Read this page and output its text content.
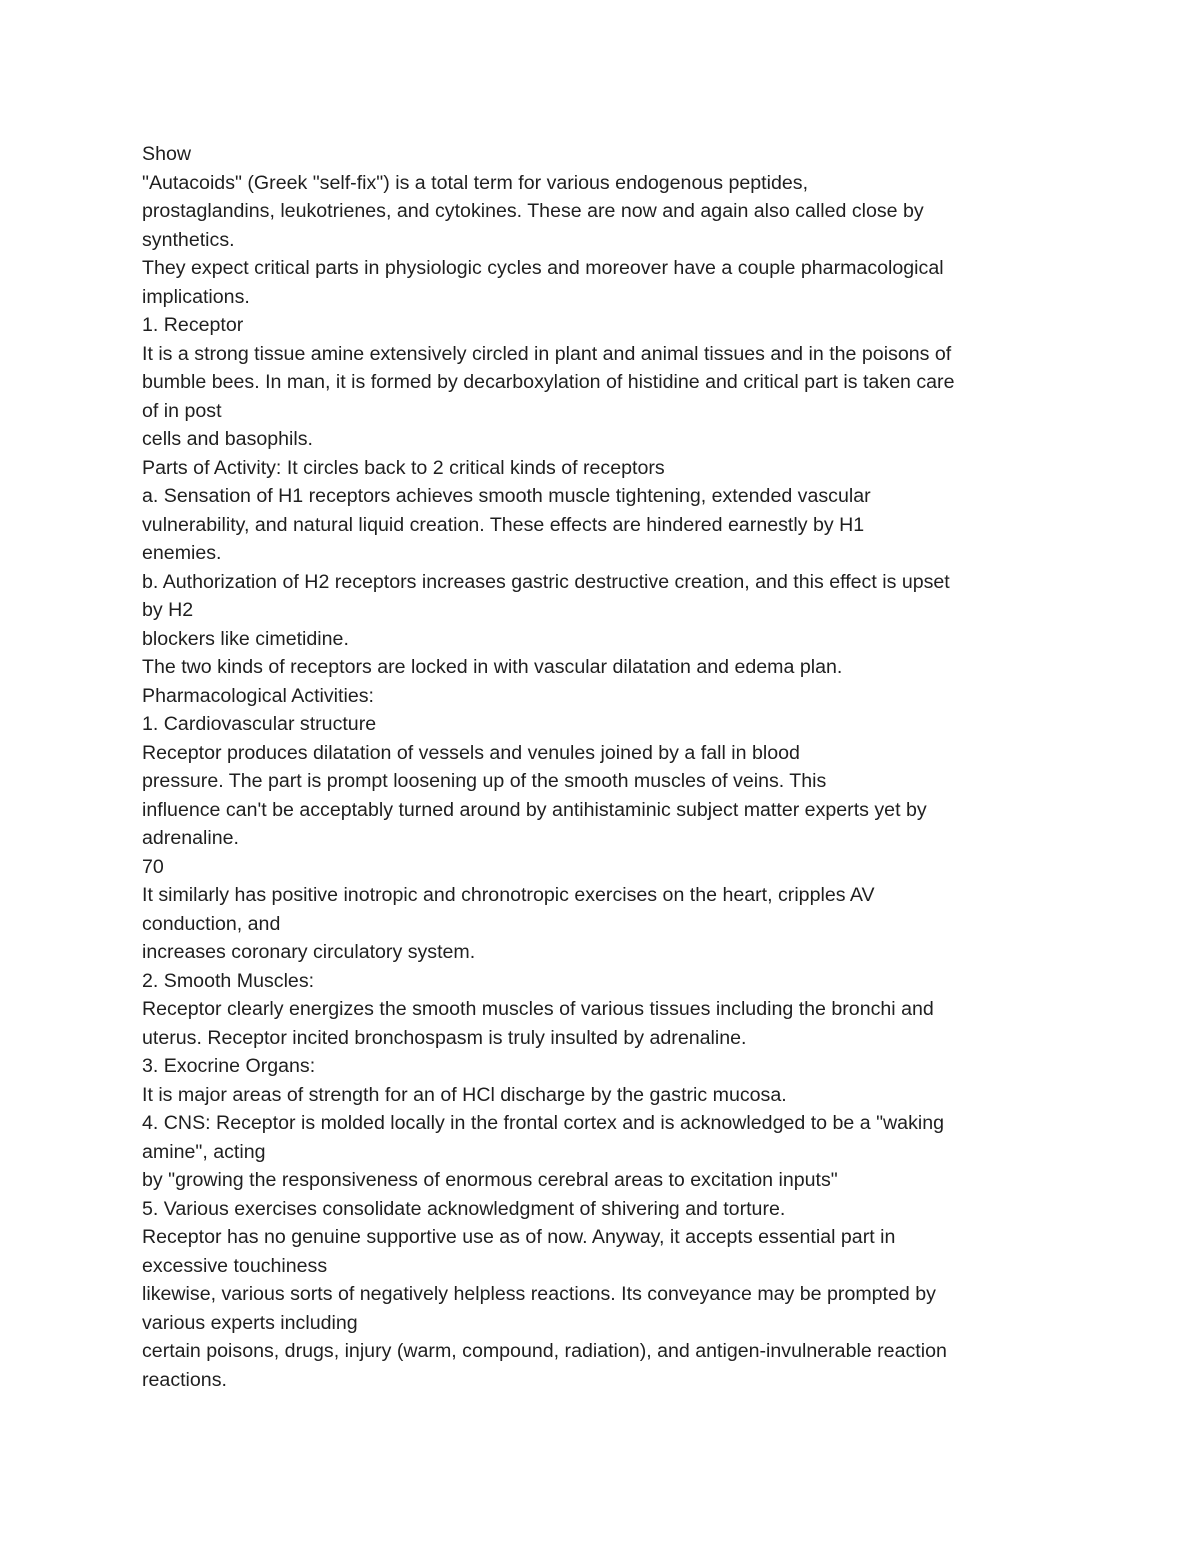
Show
"Autacoids" (Greek "self-fix") is a total term for various endogenous peptides,
prostaglandins, leukotrienes, and cytokines. These are now and again also called close by
synthetics.
They expect critical parts in physiologic cycles and moreover have a couple pharmacological
implications.
1. Receptor
It is a strong tissue amine extensively circled in plant and animal tissues and in the poisons of
bumble bees. In man, it is formed by decarboxylation of histidine and critical part is taken care
of in post
cells and basophils.
Parts of Activity: It circles back to 2 critical kinds of receptors
a. Sensation of H1 receptors achieves smooth muscle tightening, extended vascular
vulnerability, and natural liquid creation. These effects are hindered earnestly by H1
enemies.
b. Authorization of H2 receptors increases gastric destructive creation, and this effect is upset
by H2
blockers like cimetidine.
The two kinds of receptors are locked in with vascular dilatation and edema plan.
Pharmacological Activities:
1. Cardiovascular structure
Receptor produces dilatation of vessels and venules joined by a fall in blood
pressure. The part is prompt loosening up of the smooth muscles of veins. This
influence can't be acceptably turned around by antihistaminic subject matter experts yet by
adrenaline.
70
It similarly has positive inotropic and chronotropic exercises on the heart, cripples AV
conduction, and
increases coronary circulatory system.
2. Smooth Muscles:
Receptor clearly energizes the smooth muscles of various tissues including the bronchi and
uterus. Receptor incited bronchospasm is truly insulted by adrenaline.
3. Exocrine Organs:
It is major areas of strength for an of HCl discharge by the gastric mucosa.
4. CNS: Receptor is molded locally in the frontal cortex and is acknowledged to be a "waking
amine", acting
by "growing the responsiveness of enormous cerebral areas to excitation inputs"
5. Various exercises consolidate acknowledgment of shivering and torture.
Receptor has no genuine supportive use as of now. Anyway, it accepts essential part in
excessive touchiness
likewise, various sorts of negatively helpless reactions. Its conveyance may be prompted by
various experts including
certain poisons, drugs, injury (warm, compound, radiation), and antigen-invulnerable reaction
reactions.
